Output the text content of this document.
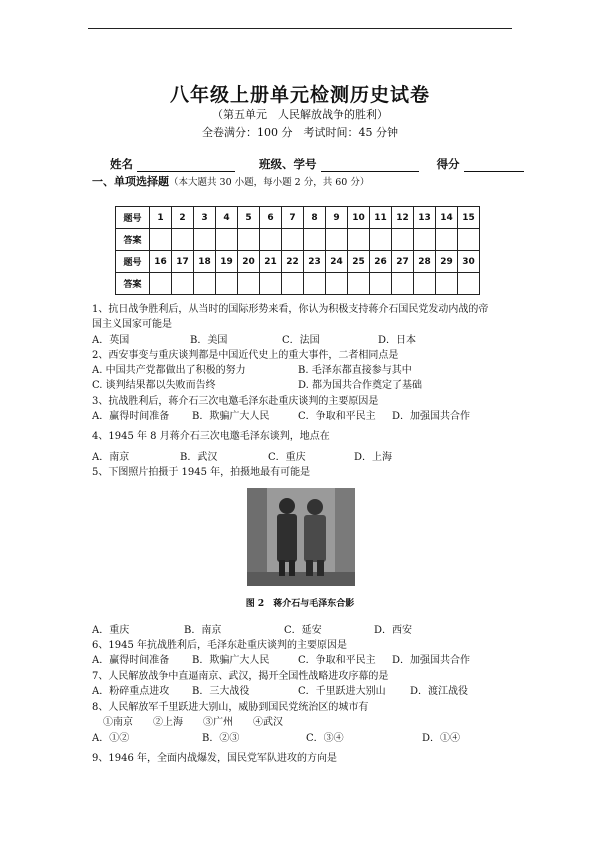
八年级上册单元检测历史试卷
（第五单元　人民解放战争的胜利）
全卷满分：100 分　考试时间：45 分钟
姓名	班级、学号	得分
一、单项选择题（本大题共 30 小题，每小题 2 分，共 60 分）
题号	1	2	3	4	5	6	7	8	9	10	11	12	13	14	15
答案															
题号	16	17	18	19	20	21	22	23	24	25	26	27	28	29	30
答案															
1、抗日战争胜利后，从当时的国际形势来看，你认为积极支持蒋介石国民党发动内战的帝
国主义国家可能是
A．英国	B．美国	C．法国	D．日本
2、西安事变与重庆谈判都是中国近代史上的重大事件，二者相同点是
A. 中国共产党都做出了积极的努力	B. 毛泽东都直接参与其中
C. 谈判结果都以失败而告终	D. 都为国共合作奠定了基础
3、抗战胜利后，蒋介石三次电邀毛泽东赴重庆谈判的主要原因是
A．赢得时间准备 B．欺骗广大人民	C．争取和平民主 D．加强国共合作
4、1945 年 8 月蒋介石三次电邀毛泽东谈判，地点在
A．南京	B．武汉	C．重庆	D．上海
5、下图照片拍摄于 1945 年，拍摄地最有可能是
图 2　蒋介石与毛泽东合影
A．重庆	B．南京	C．延安	D．西安
6、1945 年抗战胜利后，毛泽东赴重庆谈判的主要原因是
A．赢得时间准备 B．欺骗广大人民	C．争取和平民主 D．加强国共合作
7、人民解放战争中直逼南京、武汉，揭开全国性战略进攻序幕的是
A．粉碎重点进攻 B．三大战役	C．千里跃进大别山 D．渡江战役
8、人民解放军千里跃进大别山，威胁到国民党统治区的城市有
①南京　　②上海　　③广州　　④武汉
A．①②	B．②③	C．③④	D．①④
9、1946 年，全面内战爆发，国民党军队进攻的方向是
